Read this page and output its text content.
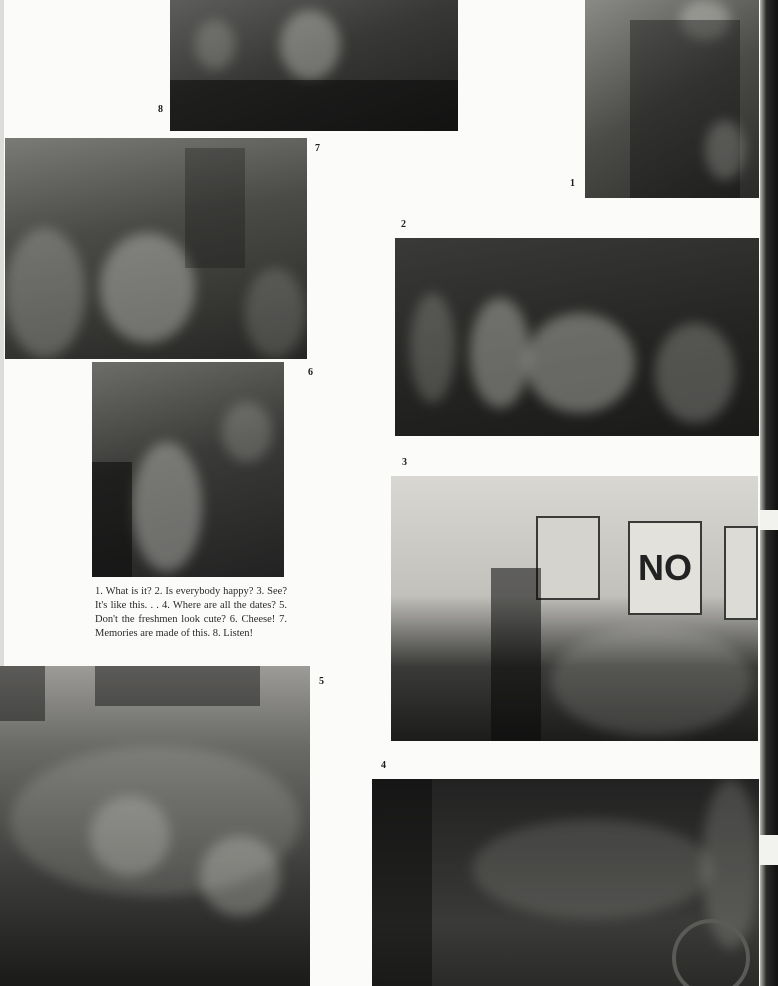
8
1
7
2
6
1. What is it? 2. Is everybody happy? 3. See? It's like this. . . 4. Where are all the dates? 5. Don't the freshmen look cute? 6. Cheese! 7. Memories are made of this. 8. Listen!
NO
3
5
4
